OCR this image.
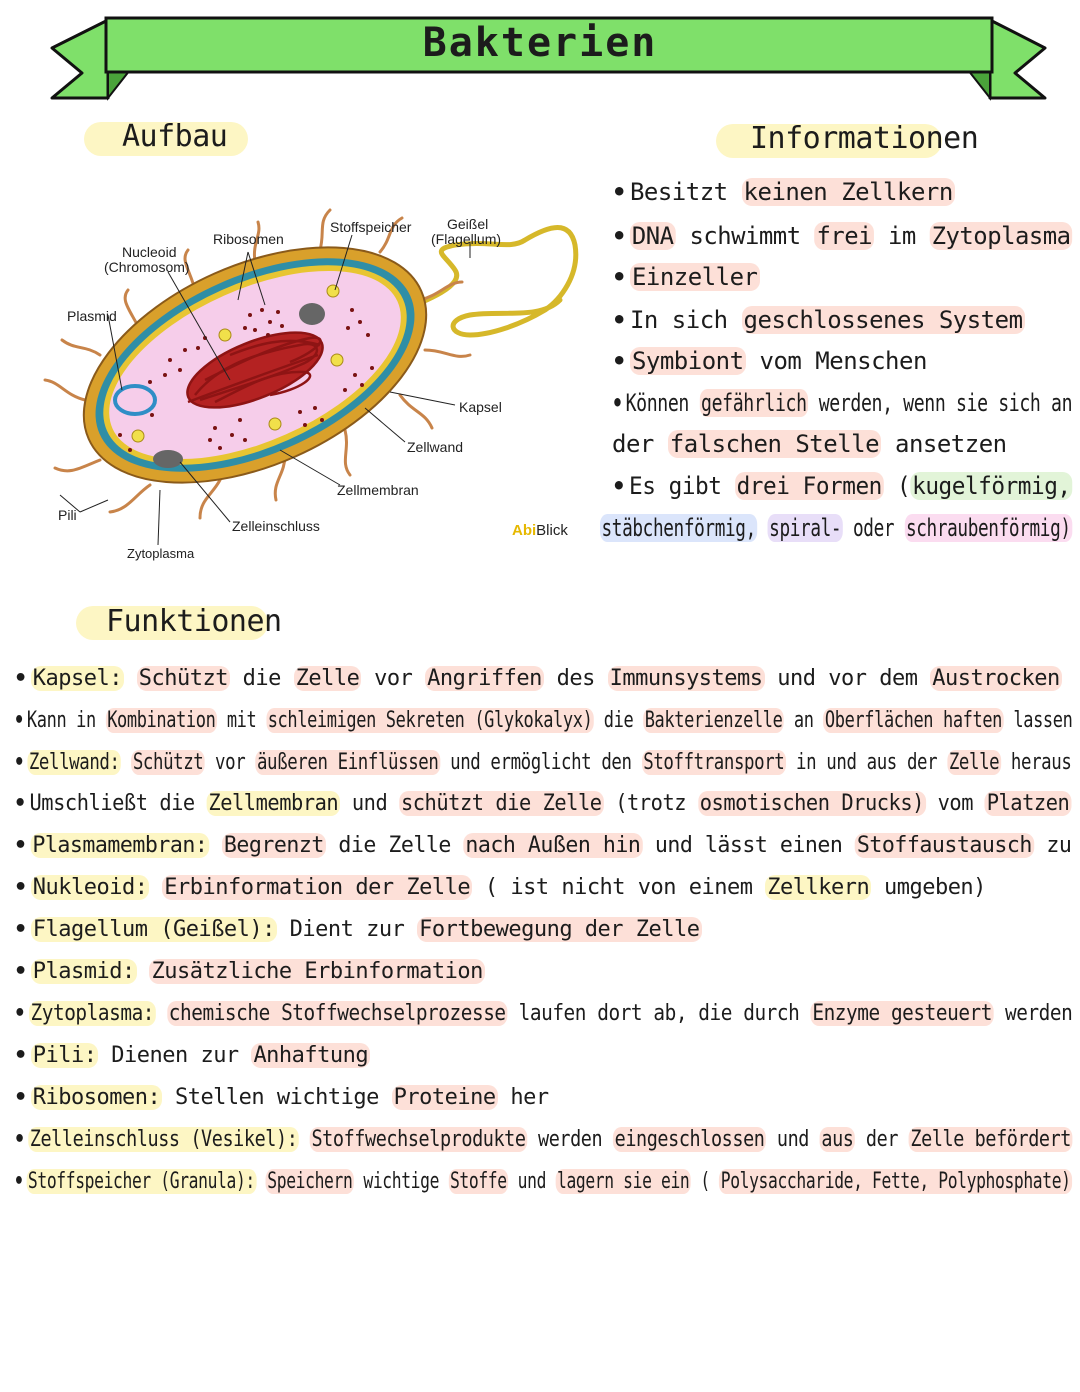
Bakterien
Aufbau	Informationen
Funktionen
Nucleoid
(Chromosom)
Ribosomen
Stoffspeicher	Geißel
(Flagellum)
Plasmid
Kapsel
Zellwand
Zellmembran
Zelleinschluss
Pili
Zytoplasma
AbiBlick
• Besitzt keinen Zellkern
• DNA schwimmt frei im Zytoplasma
• Einzeller
• In sich geschlossenes System
• Symbiont vom Menschen
• Können gefährlich werden, wenn sie sich an
der falschen Stelle ansetzen
• Es gibt drei Formen (kugelförmig,
stäbchenförmig, spiral- oder schraubenförmig)
• Kapsel: Schützt die Zelle vor Angriffen des Immunsystems und vor dem Austrocken
• Kann in Kombination mit schleimigen Sekreten (Glykokalyx) die Bakterienzelle an Oberflächen haften lassen
• Zellwand: Schützt vor äußeren Einflüssen und ermöglicht den Stofftransport in und aus der Zelle heraus
• Umschließt die Zellmembran und schützt die Zelle (trotz osmotischen Drucks) vom Platzen
• Plasmamembran: Begrenzt die Zelle nach Außen hin und lässt einen Stoffaustausch zu
• Nukleoid: Erbinformation der Zelle ( ist nicht von einem Zellkern umgeben)
• Flagellum (Geißel): Dient zur Fortbewegung der Zelle
• Plasmid: Zusätzliche Erbinformation
• Zytoplasma: chemische Stoffwechselprozesse laufen dort ab, die durch Enzyme gesteuert werden
• Pili: Dienen zur Anhaftung
• Ribosomen: Stellen wichtige Proteine her
• Zelleinschluss (Vesikel): Stoffwechselprodukte werden eingeschlossen und aus der Zelle befördert
• Stoffspeicher (Granula): Speichern wichtige Stoffe und lagern sie ein ( Polysaccharide, Fette, Polyphosphate)
